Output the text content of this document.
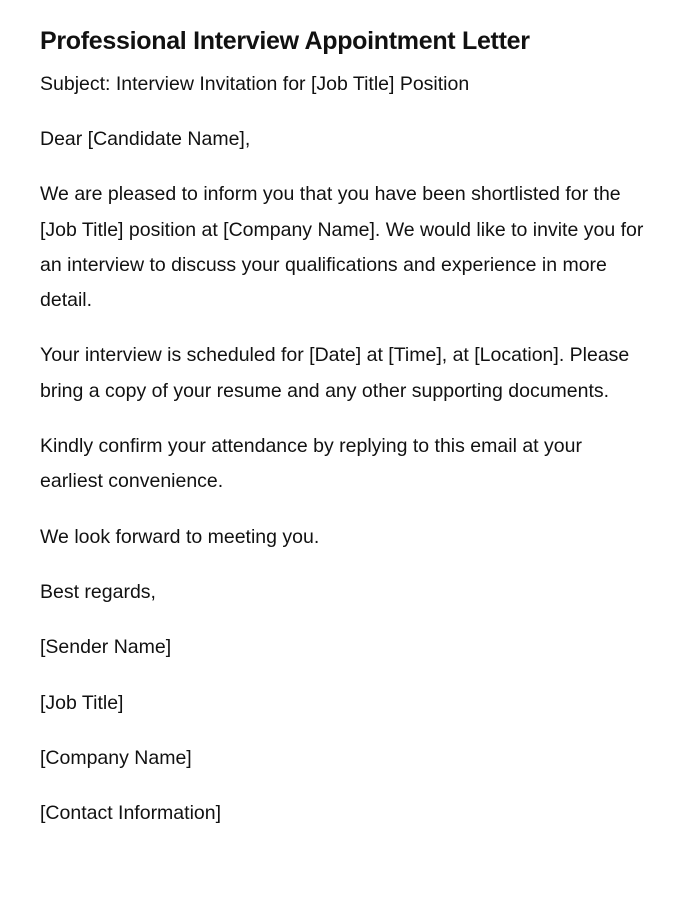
Professional Interview Appointment Letter

Subject: Interview Invitation for [Job Title] Position

Dear [Candidate Name],

We are pleased to inform you that you have been shortlisted for the [Job Title] position at [Company Name]. We would like to invite you for an interview to discuss your qualifications and experience in more detail.

Your interview is scheduled for [Date] at [Time], at [Location]. Please bring a copy of your resume and any other supporting documents.

Kindly confirm your attendance by replying to this email at your earliest convenience.

We look forward to meeting you.

Best regards,

[Sender Name]

[Job Title]

[Company Name]

[Contact Information]
